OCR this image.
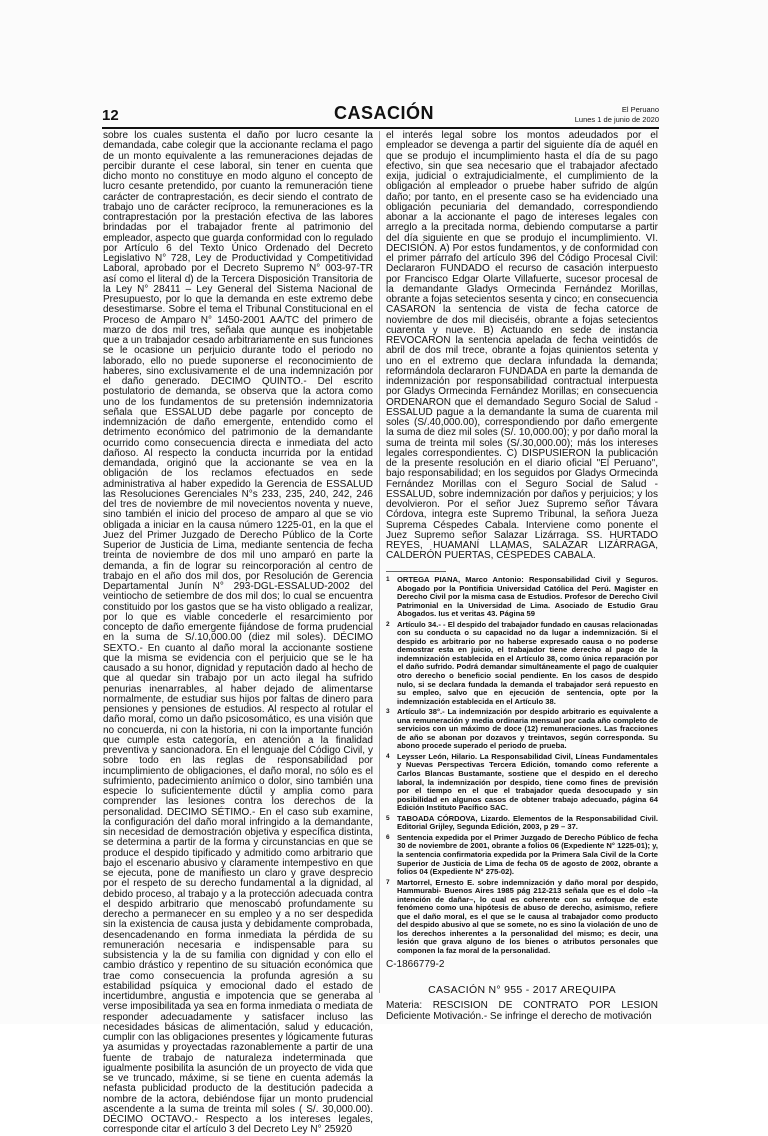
12	CASACIÓN	El Peruano
Lunes 1 de junio de 2020

sobre los cuales sustenta el daño por lucro cesante la demandada, cabe colegir que la accionante reclama el pago de un monto equivalente a las remuneraciones dejadas de percibir durante el cese laboral, sin tener en cuenta que dicho monto no constituye en modo alguno el concepto de lucro cesante pretendido, por cuanto la remuneración tiene carácter de contraprestación, es decir siendo el contrato de trabajo uno de carácter recíproco, la remuneraciones es la contraprestación por la prestación efectiva de las labores brindadas por el trabajador frente al patrimonio del empleador, aspecto que guarda conformidad con lo regulado por Artículo 6 del Texto Único Ordenado del Decreto Legislativo N° 728, Ley de Productividad y Competitividad Laboral, aprobado por el Decreto Supremo N° 003-97-TR así como el literal d) de la Tercera Disposición Transitoria de la Ley N° 28411 – Ley General del Sistema Nacional de Presupuesto, por lo que la demanda en este extremo debe desestimarse. Sobre el tema el Tribunal Constitucional en el Proceso de Amparo N° 1450-2001 AA/TC del primero de marzo de dos mil tres, señala que aunque es inobjetable que a un trabajador cesado arbitrariamente en sus funciones se le ocasione un perjuicio durante todo el periodo no laborado, ello no puede suponerse el reconocimiento de haberes, sino exclusivamente el de una indemnización por el daño generado. DECIMO QUINTO.- Del escrito postulatorio de demanda, se observa que la actora como uno de los fundamentos de su pretensión indemnizatoria señala que ESSALUD debe pagarle por concepto de indemnización de daño emergente, entendido como el detrimento económico del patrimonio de la demandante ocurrido como consecuencia directa e inmediata del acto dañoso. Al respecto la conducta incurrida por la entidad demandada, originó que la accionante se vea en la obligación de los reclamos efectuados en sede administrativa al haber expedido la Gerencia de ESSALUD las Resoluciones Gerenciales N°s 233, 235, 240, 242, 246 del tres de noviembre de mil novecientos noventa y nueve, sino también el inicio del proceso de amparo al que se vio obligada a iniciar en la causa número 1225-01, en la que el Juez del Primer Juzgado de Derecho Público de la Corte Superior de Justicia de Lima, mediante sentencia de fecha treinta de noviembre de dos mil uno amparó en parte la demanda, a fin de lograr su reincorporación al centro de trabajo en el año dos mil dos, por Resolución de Gerencia Departamental Junín N° 293-DGL-ESSALUD-2002 del veintiocho de setiembre de dos mil dos; lo cual se encuentra constituido por los gastos que se ha visto obligado a realizar, por lo que es viable concederle el resarcimiento por concepto de daño emergente fijándose de forma prudencial en la suma de S/.10,000.00 (diez mil soles). DÉCIMO SEXTO.- En cuanto al daño moral la accionante sostiene que la misma se evidencia con el perjuicio que se le ha causado a su honor, dignidad y reputación dado al hecho de que al quedar sin trabajo por un acto ilegal ha sufrido penurias inenarrables, al haber dejado de alimentarse normalmente, de estudiar sus hijos por faltas de dinero para pensiones y pensiones de estudios. Al respecto al rotular el daño moral, como un daño psicosomático, es una visión que no concuerda, ni con la historia, ni con la importante función que cumple esta categoría, en atención a la finalidad preventiva y sancionadora. En el lenguaje del Código Civil, y sobre todo en las reglas de responsabilidad por incumplimiento de obligaciones, el daño moral, no sólo es el sufrimiento, padecimiento anímico o dolor, sino también una especie lo suficientemente dúctil y amplia como para comprender las lesiones contra los derechos de la personalidad. DECIMO SÉTIMO.- En el caso sub examine, la configuración del daño moral infringido a la demandante, sin necesidad de demostración objetiva y específica distinta, se determina a partir de la forma y circunstancias en que se produce el despido tipificado y admitido como arbitrario que bajo el escenario abusivo y claramente intempestivo en que se ejecuta, pone de manifiesto un claro y grave desprecio por el respeto de su derecho fundamental a la dignidad, al debido proceso, al trabajo y a la protección adecuada contra el despido arbitrario que menoscabó profundamente su derecho a permanecer en su empleo y a no ser despedida sin la existencia de causa justa y debidamente comprobada, desencadenando en forma inmediata la pérdida de su remuneración necesaria e indispensable para su subsistencia y la de su familia con dignidad y con ello el cambio drástico y repentino de su situación económica que trae como consecuencia la profunda agresión a su estabilidad psíquica y emocional dado el estado de incertidumbre, angustia e impotencia que se generaba al verse imposibilitada ya sea en forma inmediata o mediata de responder adecuadamente y satisfacer incluso las necesidades básicas de alimentación, salud y educación, cumplir con las obligaciones presentes y lógicamente futuras ya asumidas y proyectadas razonablemente a partir de una fuente de trabajo de naturaleza indeterminada que igualmente posibilita la asunción de un proyecto de vida que se ve truncado, máxime, si se tiene en cuenta además la nefasta publicidad producto de la destitución padecida a nombre de la actora, debiéndose fijar un monto prudencial ascendente a la suma de treinta mil soles ( S/. 30,000.00). DÉCIMO OCTAVO.- Respecto a los intereses legales, corresponde citar el artículo 3 del Decreto Ley N° 25920

el interés legal sobre los montos adeudados por el empleador se devenga a partir del siguiente día de aquél en que se produjo el incumplimiento hasta el día de su pago efectivo, sin que sea necesario que el trabajador afectado exija, judicial o extrajudicialmente, el cumplimiento de la obligación al empleador o pruebe haber sufrido de algún daño; por tanto, en el presente caso se ha evidenciado una obligación pecuniaria del demandado, correspondiendo abonar a la accionante el pago de intereses legales con arreglo a la precitada norma, debiendo computarse a partir del día siguiente en que se produjo el incumplimiento. VI. DECISIÓN. A) Por estos fundamentos, y de conformidad con el primer párrafo del artículo 396 del Código Procesal Civil: Declararon FUNDADO el recurso de casación interpuesto por Francisco Edgar Olarte Villafuerte, sucesor procesal de la demandante Gladys Ormecinda Fernández Morillas, obrante a fojas setecientos sesenta y cinco; en consecuencia CASARON la sentencia de vista de fecha catorce de noviembre de dos mil dieciséis, obrante a fojas setecientos cuarenta y nueve. B) Actuando en sede de instancia REVOCARON la sentencia apelada de fecha veintidós de abril de dos mil trece, obrante a fojas quinientos setenta y uno en el extremo que declara infundada la demanda; reformándola declararon FUNDADA en parte la demanda de indemnización por responsabilidad contractual interpuesta por Gladys Ormecinda Fernández Morillas; en consecuencia ORDENARON que el demandado Seguro Social de Salud -ESSALUD pague a la demandante la suma de cuarenta mil soles (S/.40,000.00), correspondiendo por daño emergente la suma de diez mil soles (S/. 10,000.00); y por daño moral la suma de treinta mil soles (S/.30,000.00); más los intereses legales correspondientes. C) DISPUSIERON la publicación de la presente resolución en el diario oficial "El Peruano", bajo responsabilidad; en los seguidos por Gladys Ormecinda Fernández Morillas con el Seguro Social de Salud -ESSALUD, sobre indemnización por daños y perjuicios; y los devolvieron. Por el señor Juez Supremo señor Távara Córdova, integra este Supremo Tribunal, la señora Jueza Suprema Céspedes Cabala. Interviene como ponente el Juez Supremo señor Salazar Lizárraga. SS. HURTADO REYES, HUAMANÍ LLAMAS, SALAZAR LIZÁRRAGA, CALDERÓN PUERTAS, CÉSPEDES CABALA.

1 ORTEGA PIANA, Marco Antonio: Responsabilidad Civil y Seguros. Abogado por la Pontificia Universidad Católica del Perú. Magister en Derecho Civil por la misma casa de Estudios. Profesor de Derecho Civil Patrimonial en la Universidad de Lima. Asociado de Estudio Grau Abogados. Ius et veritas 43. Página 59
2 Artículo 34.- - El despido del trabajador fundado en causas relacionadas con su conducta o su capacidad no da lugar a indemnización. Si el despido es arbitrario por no haberse expresado causa o no poderse demostrar esta en juicio, el trabajador tiene derecho al pago de la indemnización establecida en el Artículo 38, como única reparación por el daño sufrido. Podrá demandar simultáneamente el pago de cualquier otro derecho o beneficio social pendiente. En los casos de despido nulo, si se declara fundada la demanda el trabajador será repuesto en su empleo, salvo que en ejecución de sentencia, opte por la indemnización establecida en el Artículo 38.
3 Artículo 38°.- La indemnización por despido arbitrario es equivalente a una remuneración y media ordinaria mensual por cada año completo de servicios con un máximo de doce (12) remuneraciones. Las fracciones de año se abonan por dozavos y treintavos, según corresponda. Su abono procede superado el periodo de prueba.
4 Leysser León, Hilario. La Responsabilidad Civil, Líneas Fundamentales y Nuevas Perspectivas Tercera Edición, tomando como referente a Carlos Blancas Bustamante, sostiene que el despido en el derecho laboral, la indemnización por despido, tiene como fines de previsión por el tiempo en el que el trabajador queda desocupado y sin posibilidad en algunos casos de obtener trabajo adecuado, página 64 Edición Instituto Pacífico SAC.
5 TABOADA CÓRDOVA, Lizardo. Elementos de la Responsabilidad Civil. Editorial Grijley, Segunda Edición, 2003, p 29 – 37.
6 Sentencia expedida por el Primer Juzgado de Derecho Público de fecha 30 de noviembre de 2001, obrante a folios 06 (Expediente N° 1225-01); y, la sentencia confirmatoria expedida por la Primera Sala Civil de la Corte Superior de Justicia de Lima de fecha 05 de agosto de 2002, obrante a folios 04 (Expediente N° 275-02).
7 Martorrel, Ernesto E. sobre indemnización y daño moral por despido, Hammurabi- Buenos Aires 1985 pág 212-213 señala que es el dolo –la intención de dañar–, lo cual es coherente con su enfoque de este fenómeno como una hipótesis de abuso de derecho, asimismo, refiere que el daño moral, es el que se le causa al trabajador como producto del despido abusivo al que se somete, no es sino la violación de uno de los derechos inherentes a la personalidad del mismo; es decir, una lesión que grava alguno de los bienes o atributos personales que componen la faz moral de la personalidad.
C-1866779-2
CASACIÓN N° 955 - 2017 AREQUIPA
Materia: RESCISION DE CONTRATO POR LESION Deficiente Motivación.- Se infringe el derecho de motivación
